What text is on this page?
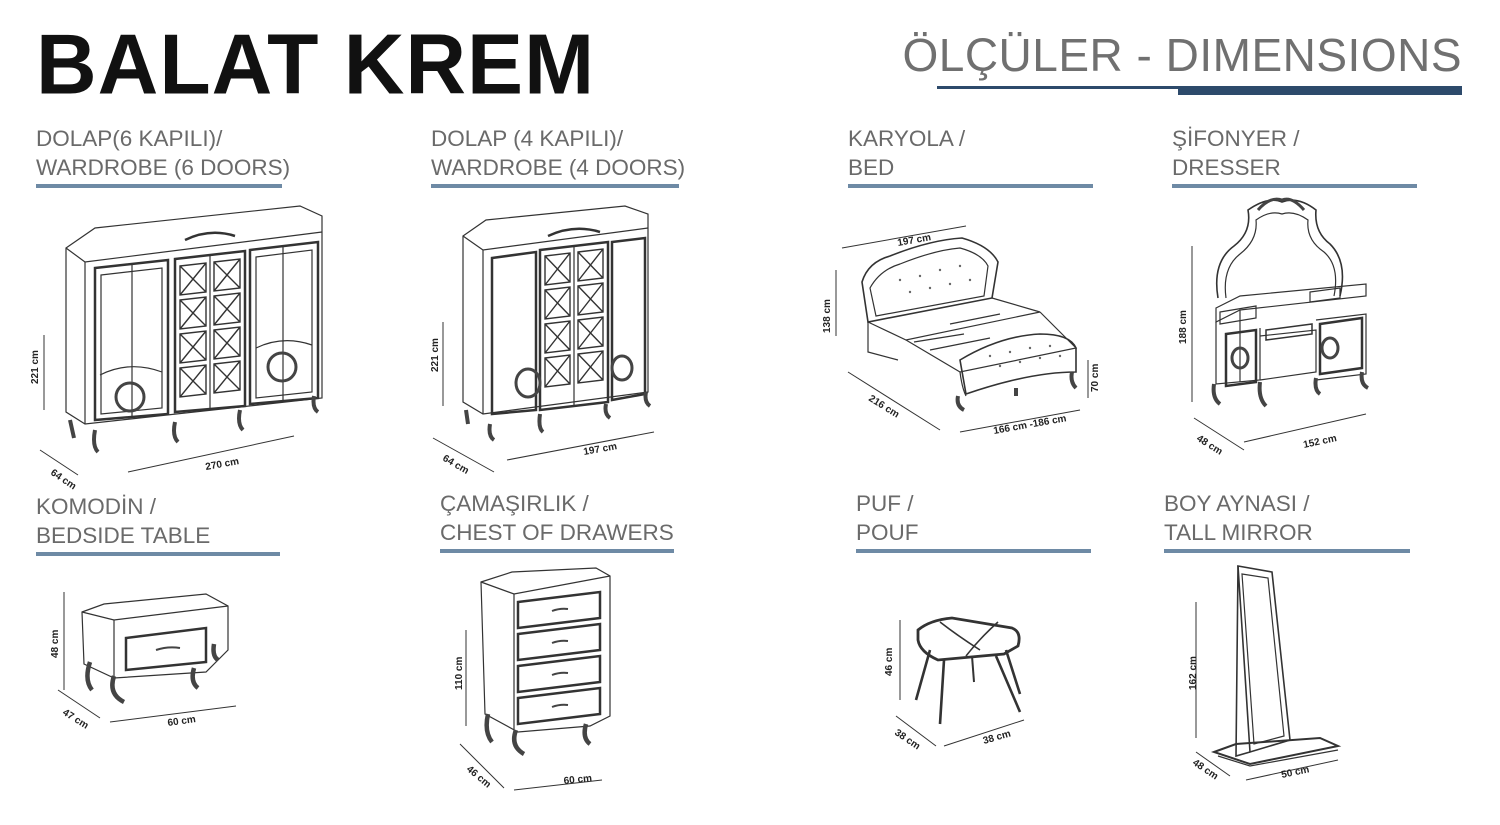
BALAT KREM	ÖLÇÜLER - DIMENSIONS
DOLAP(6 KAPILI)/
WARDROBE (6 DOORS)
DOLAP (4 KAPILI)/
WARDROBE (4 DOORS)
KARYOLA /
BED
ŞİFONYER /
DRESSER
KOMODİN /
BEDSIDE TABLE
ÇAMAŞIRLIK /
CHEST OF DRAWERS
PUF /
POUF
BOY AYNASI /
TALL MIRROR
221 cm
64 cm
270 cm
221 cm
64 cm
197 cm
197 cm
138 cm
216 cm
166 cm -186 cm
70 cm
188 cm
48 cm	152 cm
48 cm
47 cm	60 cm
110 cm
46 cm	60 cm
46 cm
38 cm	38 cm
162 cm
48 cm	50 cm
